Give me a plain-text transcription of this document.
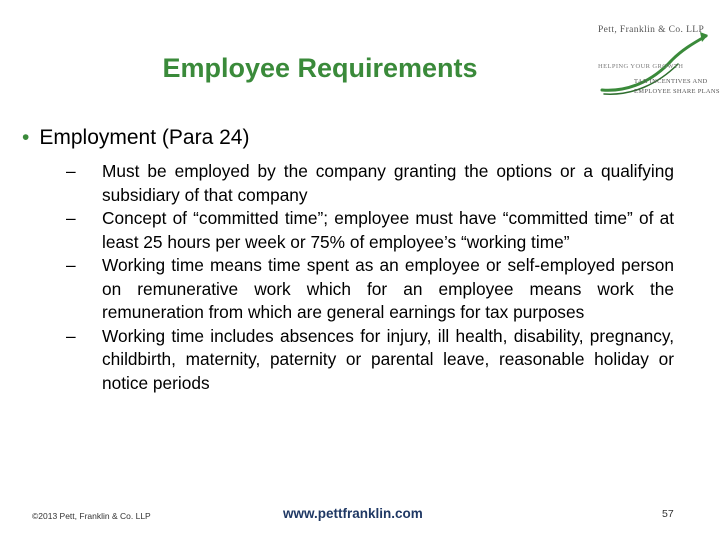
Employee Requirements
Pett, Franklin & Co. LLP
HELPING YOUR GROWTH
TAX INCENTIVES AND
EMPLOYEE SHARE PLANS
• Employment (Para 24)
– Must be employed by the company granting the options or a qualifying subsidiary of that company
– Concept of “committed time”; employee must have “committed time” of at least 25 hours per week or 75% of employee’s “working time”
– Working time means time spent as an employee or self-employed person on remunerative work which for an employee means work the remuneration from which are general earnings for tax purposes
– Working time includes absences for injury, ill health, disability, pregnancy, childbirth, maternity, paternity or parental leave, reasonable holiday or notice periods
©2013 Pett, Franklin & Co. LLP	www.pettfranklin.com	57
